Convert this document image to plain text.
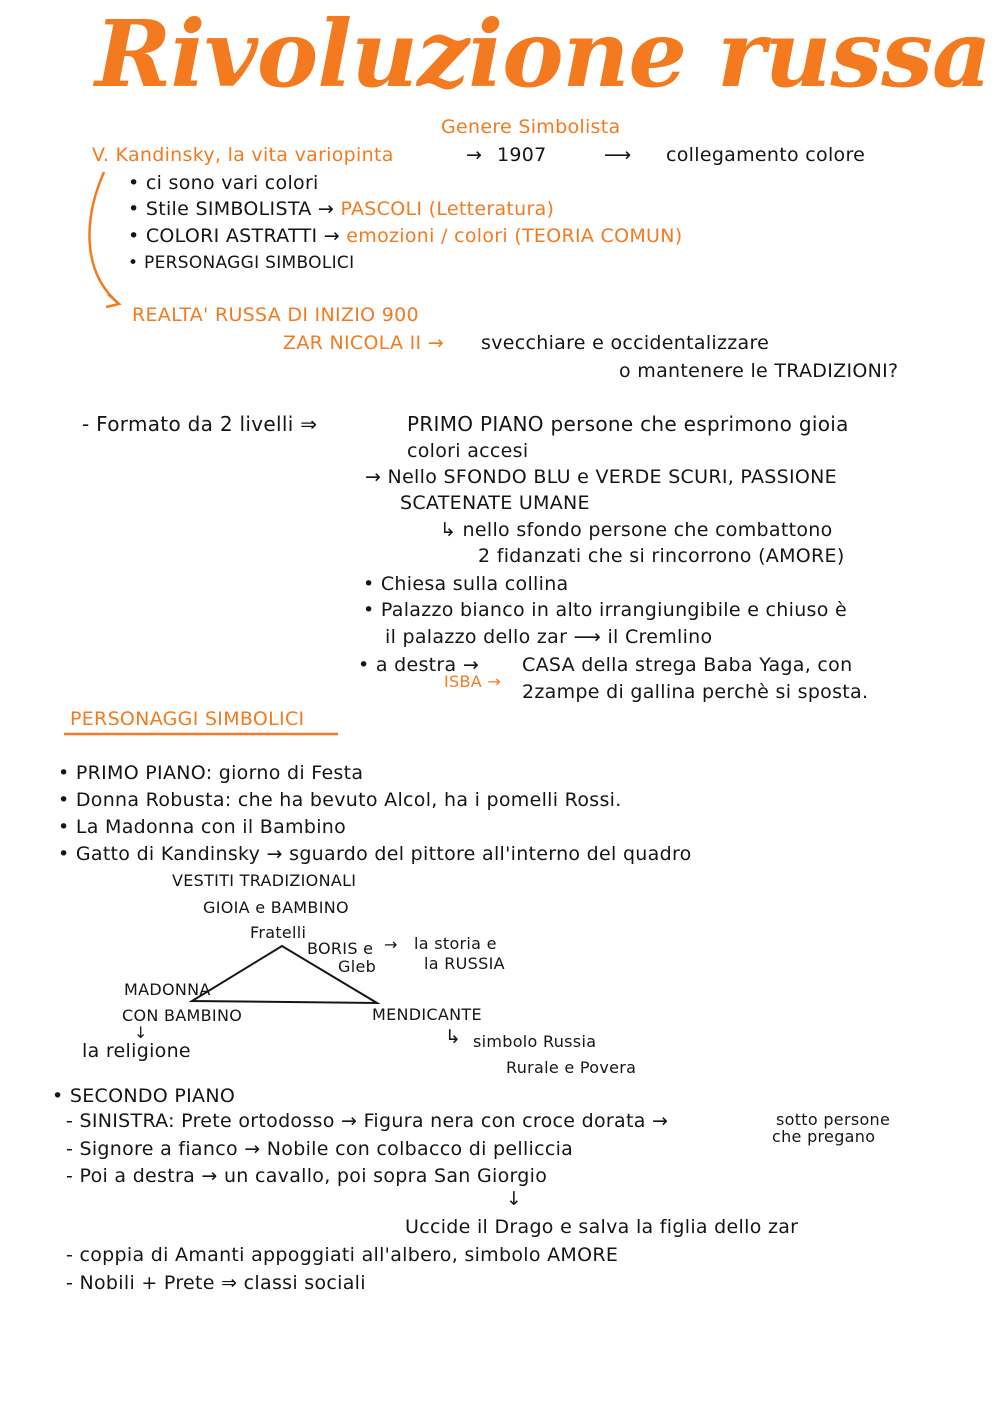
Rivoluzione russa
Genere Simbolista
V. Kandinsky, la vita variopinta	→ 1907	⟶ collegamento colore
• ci sono vari colori
• Stile SIMBOLISTA → PASCOLI (Letteratura)
• COLORI ASTRATTI → emozioni / colori (TEORIA COMUN)
• PERSONAGGI SIMBOLICI
REALTA' RUSSA DI INIZIO 900
ZAR NICOLA II → svecchiare e occidentalizzare
o mantenere le TRADIZIONI?
- Formato da 2 livelli ⇒	PRIMO PIANO persone che esprimono gioia
colori accesi
→ Nello SFONDO BLU e VERDE SCURI, PASSIONE
SCATENATE UMANE
↳ nello sfondo persone che combattono
2 fidanzati che si rincorrono (AMORE)
• Chiesa sulla collina
• Palazzo bianco in alto irrangiungibile e chiuso è
il palazzo dello zar ⟶ il Cremlino
• a destra → CASA della strega Baba Yaga, con
ISBA → 2zampe di gallina perchè si sposta.
PERSONAGGI SIMBOLICI
• PRIMO PIANO: giorno di Festa
• Donna Robusta: che ha bevuto Alcol, ha i pomelli Rossi.
• La Madonna con il Bambino
• Gatto di Kandinsky → sguardo del pittore all'interno del quadro
VESTITI TRADIZIONALI
GIOIA e BAMBINO
Fratelli
BORIS e
Gleb
→ la storia e
la RUSSIA
MADONNA
CON BAMBINO
↓
la religione
MENDICANTE
↳ simbolo Russia
Rurale e Povera
• SECONDO PIANO
- SINISTRA: Prete ortodosso → Figura nera con croce dorata →	sotto persone
che pregano
- Signore a fianco → Nobile con colbacco di pelliccia
- Poi a destra → un cavallo, poi sopra San Giorgio
↓
Uccide il Drago e salva la figlia dello zar
- coppia di Amanti appoggiati all'albero, simbolo AMORE
- Nobili + Prete ⇒ classi sociali
